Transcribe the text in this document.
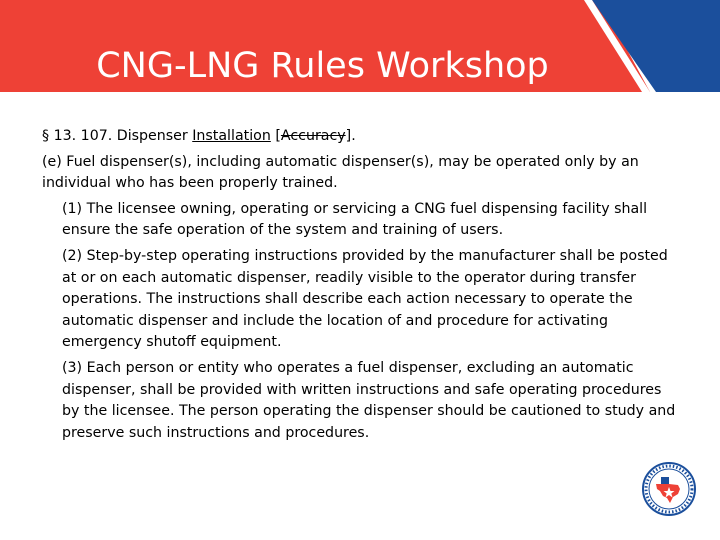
CNG-LNG Rules Workshop

§ 13. 107. Dispenser Installation [Accuracy].

(e) Fuel dispenser(s), including automatic dispenser(s), may be operated only by an individual who has been properly trained.

(1) The licensee owning, operating or servicing a CNG fuel dispensing facility shall ensure the safe operation of the system and training of users.

(2) Step-by-step operating instructions provided by the manufacturer shall be posted at or on each automatic dispenser, readily visible to the operator during transfer operations. The instructions shall describe each action necessary to operate the automatic dispenser and include the location of and procedure for activating emergency shutoff equipment.

(3) Each person or entity who operates a fuel dispenser, excluding an automatic dispenser, shall be provided with written instructions and safe operating procedures by the licensee. The person operating the dispenser should be cautioned to study and preserve such instructions and procedures.
